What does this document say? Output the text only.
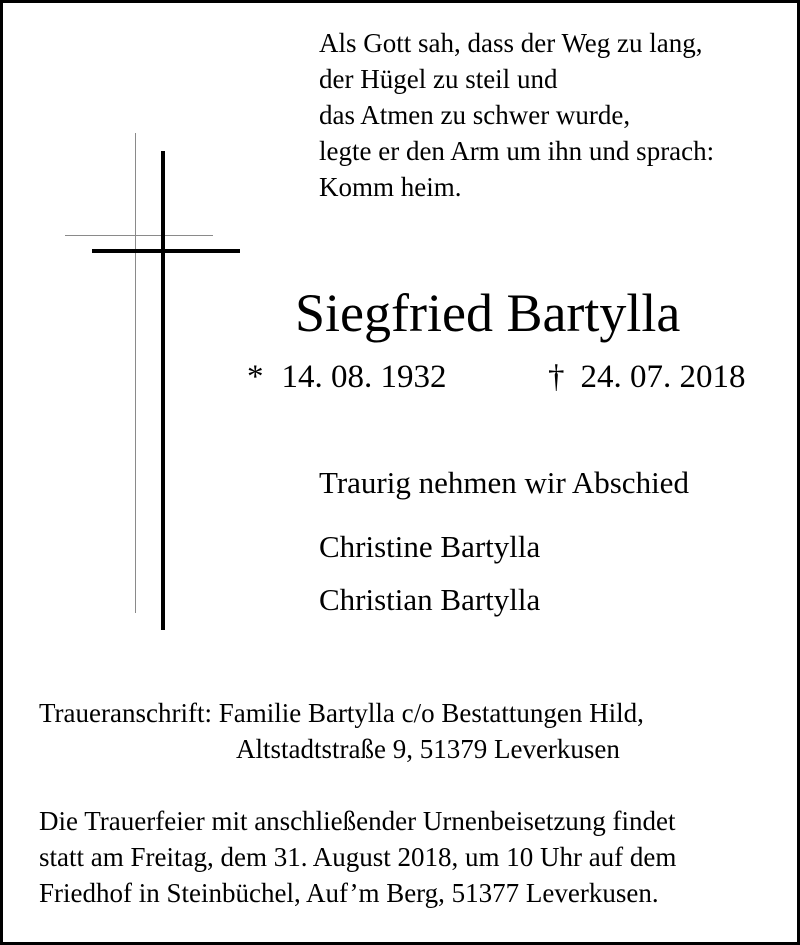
Als Gott sah, dass der Weg zu lang,
der Hügel zu steil und
das Atmen zu schwer wurde,
legte er den Arm um ihn und sprach:
Komm heim.
Siegfried Bartylla
* 14. 08. 1932	† 24. 07. 2018
Traurig nehmen wir Abschied
Christine Bartylla
Christian Bartylla
Traueranschrift: Familie Bartylla c/o Bestattungen Hild,
Altstadtstraße 9, 51379 Leverkusen
Die Trauerfeier mit anschließender Urnenbeisetzung findet
statt am Freitag, dem 31. August 2018, um 10 Uhr auf dem
Friedhof in Steinbüchel, Auf’m Berg, 51377 Leverkusen.
